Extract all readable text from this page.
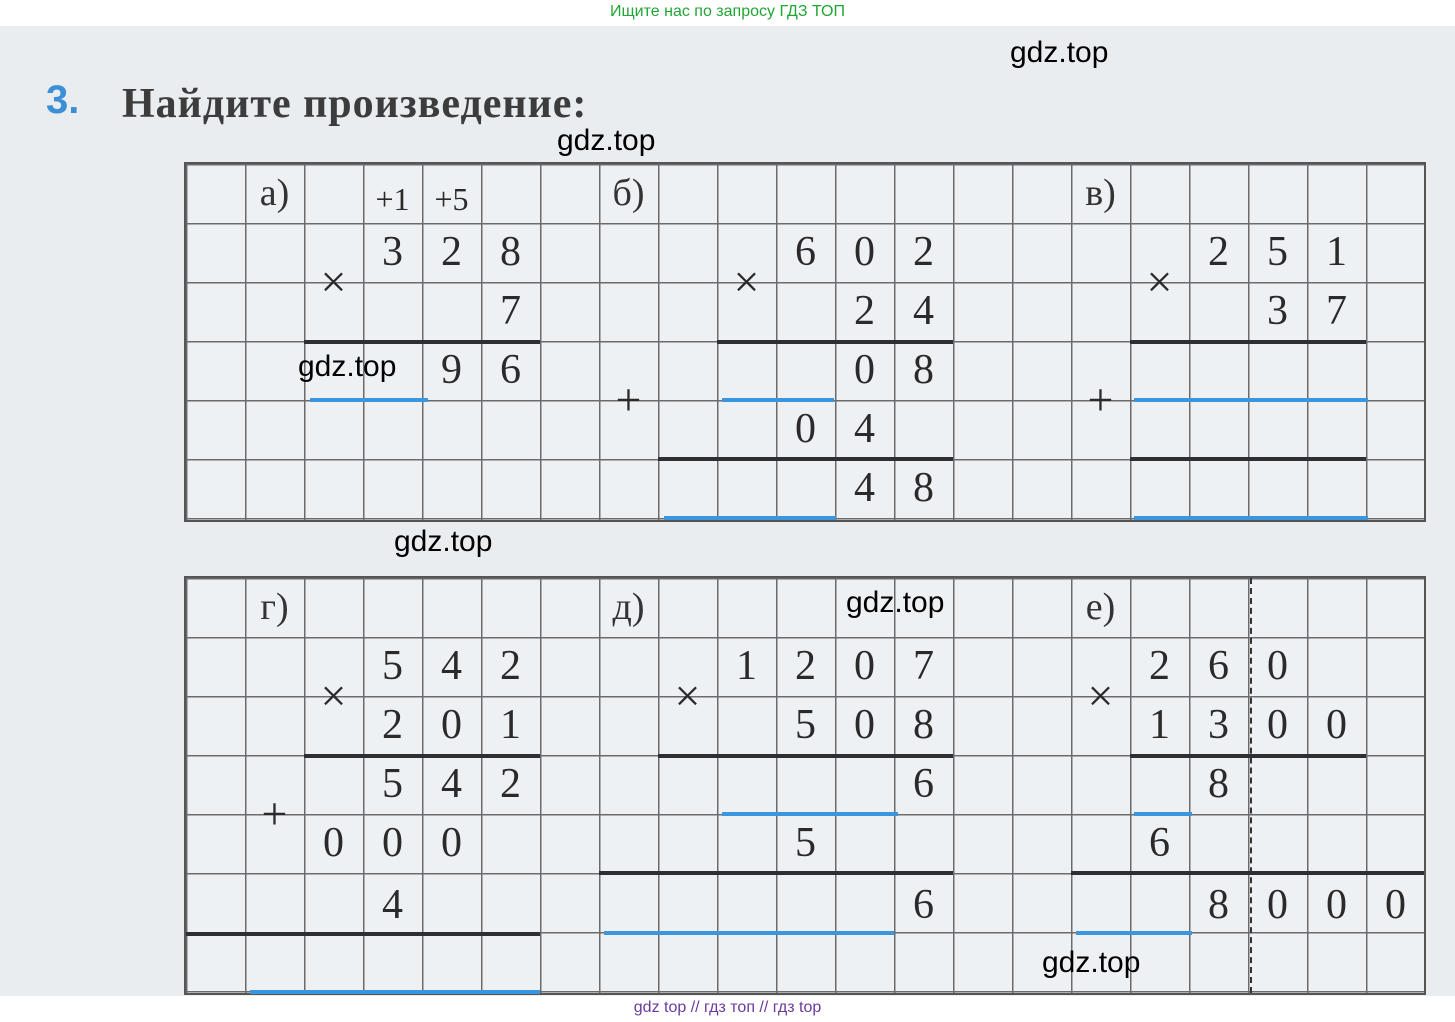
Ищите нас по запросу ГДЗ ТОП
3. Найдите произведение:
а)	+1 +5
×
3 2 8
7
9 6
б)
×
6 0 2
2 4
0 8
+
0 4
4 8
в)
×
2 5 1
3 7
+
г)
×
5 4 2
2 0 1
+
5 4 2
0 0 0
4
д)
×
1 2 0 7
5 0 8
6
5
6
е)
×
2 6 0
1 3 0 0
8
6
8 0 0 0
gdz.top
gdz.top
gdz.top
gdz.top
gdz.top
gdz.top
gdz top // гдз топ // гдз top
